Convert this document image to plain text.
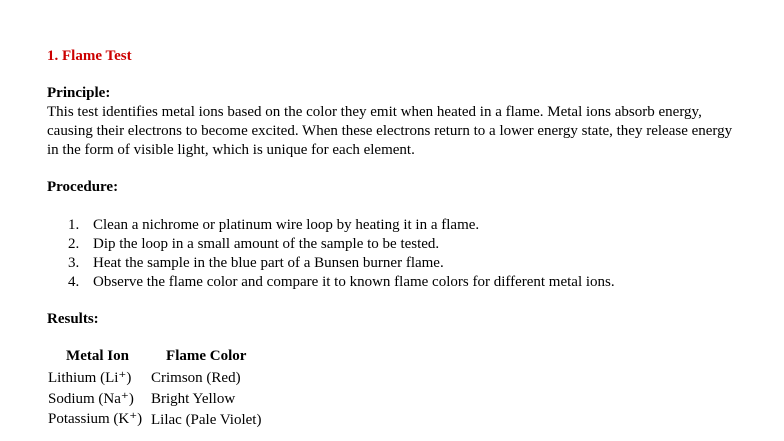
1. Flame Test

Principle:

This test identifies metal ions based on the color they emit when heated in a flame. Metal ions absorb energy, causing their electrons to become excited. When these electrons return to a lower energy state, they release energy in the form of visible light, which is unique for each element.

Procedure:

1. Clean a nichrome or platinum wire loop by heating it in a flame.
2. Dip the loop in a small amount of the sample to be tested.
3. Heat the sample in the blue part of a Bunsen burner flame.
4. Observe the flame color and compare it to known flame colors for different metal ions.

Results:

Metal Ion	Flame Color
Lithium (Li⁺)	Crimson (Red)
Sodium (Na⁺)	Bright Yellow
Potassium (K⁺)	Lilac (Pale Violet)
